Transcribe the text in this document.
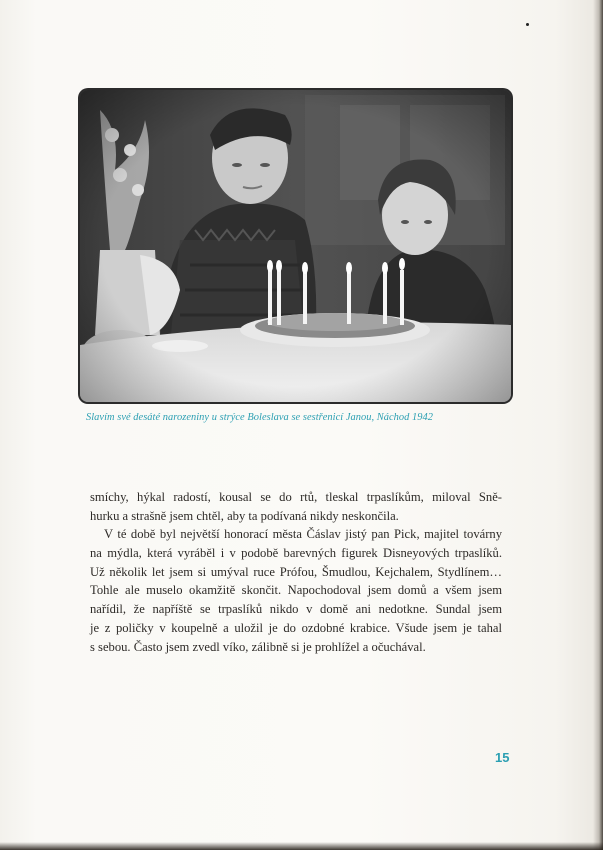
Slavím své desáté narozeniny u strýce Boleslava se sestřenicí Janou, Náchod 1942
smíchy, hýkal radostí, kousal se do rtů, tleskal trpaslíkům, miloval Sně-
hurku a strašně jsem chtěl, aby ta podívaná nikdy neskončila.
V té době byl největší honorací města Čáslav jistý pan Pick, majitel továrny
na mýdla, která vyráběl i v podobě barevných figurek Disneyových trpaslíků.
Už několik let jsem si umýval ruce Prófou, Šmudlou, Kejchalem, Stydlínem…
Tohle ale muselo okamžitě skončit. Napochodoval jsem domů a všem jsem
nařídil, že napříště se trpaslíků nikdo v domě ani nedotkne. Sundal jsem
je z poličky v koupelně a uložil je do ozdobné krabice. Všude jsem je tahal
s sebou. Často jsem zvedl víko, zálibně si je prohlížel a očuchával.
15
